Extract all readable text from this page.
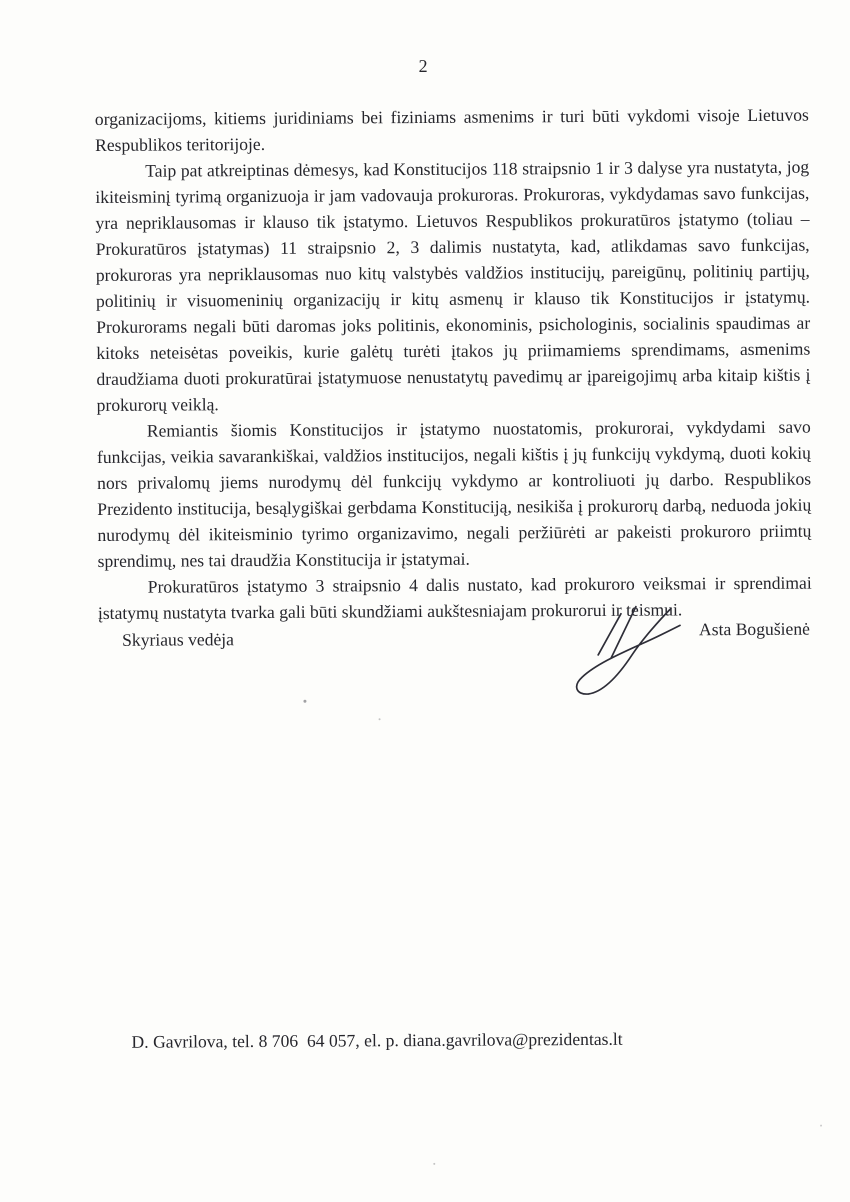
2

organizacijoms, kitiems juridiniams bei fiziniams asmenims ir turi būti vykdomi visoje Lietuvos Respublikos teritorijoje.

Taip pat atkreiptinas dėmesys, kad Konstitucijos 118 straipsnio 1 ir 3 dalyse yra nustatyta, jog ikiteisminį tyrimą organizuoja ir jam vadovauja prokuroras. Prokuroras, vykdydamas savo funkcijas, yra nepriklausomas ir klauso tik įstatymo. Lietuvos Respublikos prokuratūros įstatymo (toliau – Prokuratūros įstatymas) 11 straipsnio 2, 3 dalimis nustatyta, kad, atlikdamas savo funkcijas, prokuroras yra nepriklausomas nuo kitų valstybės valdžios institucijų, pareigūnų, politinių partijų, politinių ir visuomeninių organizacijų ir kitų asmenų ir klauso tik Konstitucijos ir įstatymų. Prokurorams negali būti daromas joks politinis, ekonominis, psichologinis, socialinis spaudimas ar kitoks neteisėtas poveikis, kurie galėtų turėti įtakos jų priimamiems sprendimams, asmenims draudžiama duoti prokuratūrai įstatymuose nenustatytų pavedimų ar įpareigojimų arba kitaip kištis į prokurorų veiklą.

Remiantis šiomis Konstitucijos ir įstatymo nuostatomis, prokurorai, vykdydami savo funkcijas, veikia savarankiškai, valdžios institucijos, negali kištis į jų funkcijų vykdymą, duoti kokių nors privalomų jiems nurodymų dėl funkcijų vykdymo ar kontroliuoti jų darbo. Respublikos Prezidento institucija, besąlygiškai gerbdama Konstituciją, nesikiša į prokurorų darbą, neduoda jokių nurodymų dėl ikiteisminio tyrimo organizavimo, negali peržiūrėti ar pakeisti prokuroro priimtų sprendimų, nes tai draudžia Konstitucija ir įstatymai.

Prokuratūros įstatymo 3 straipsnio 4 dalis nustato, kad prokuroro veiksmai ir sprendimai įstatymų nustatyta tvarka gali būti skundžiami aukštesniajam prokurorui ir teismui.

Skyriaus vedėja
Asta Bogušienė
D. Gavrilova, tel. 8 706  64 057, el. p. diana.gavrilova@prezidentas.lt
